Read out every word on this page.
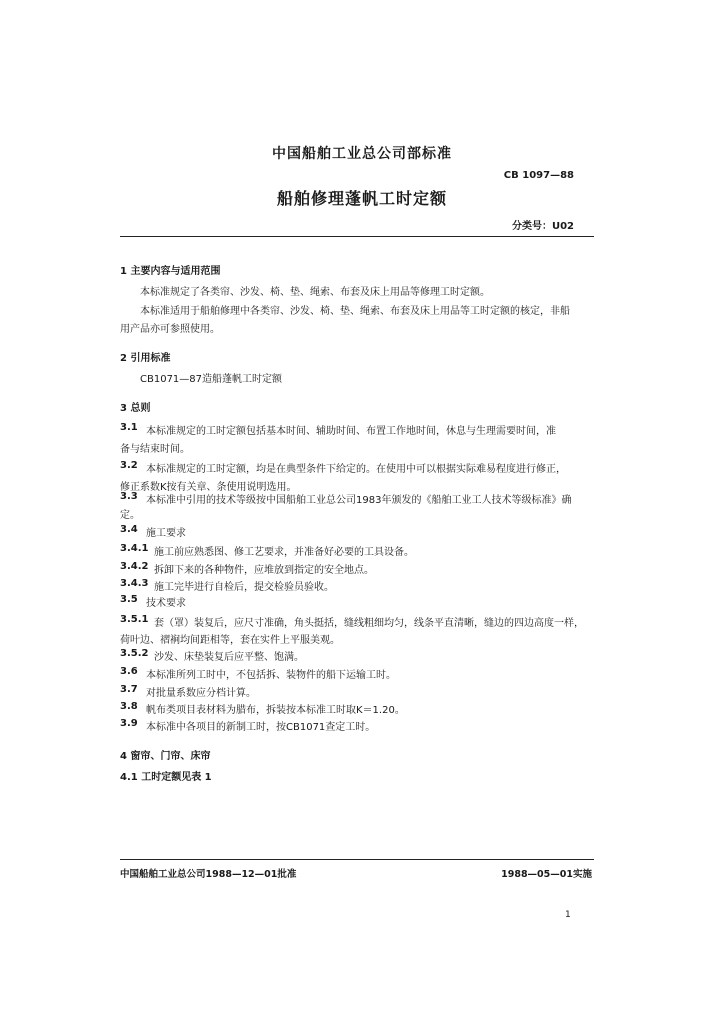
中国船舶工业总公司部标准
CB 1097—88
船舶修理蓬帆工时定额
分类号：U02
1 主要内容与适用范围
本标准规定了各类帘、沙发、椅、垫、绳索、布套及床上用品等修理工时定额。
本标准适用于船舶修理中各类帘、沙发、椅、垫、绳索、布套及床上用品等工时定额的核定，非船
用产品亦可参照使用。
2 引用标准
CB1071—87造船蓬帆工时定额
3 总则
3.1 本标准规定的工时定额包括基本时间、辅助时间、布置工作地时间，休息与生理需要时间，准
备与结束时间。
3.2 本标准规定的工时定额，均是在典型条件下给定的。在使用中可以根据实际难易程度进行修正，
修正系数K按有关章、条使用说明选用。
3.3 本标准中引用的技术等级按中国船舶工业总公司1983年颁发的《船舶工业工人技术等级标准》确
定。
3.4 施工要求
3.4.1 施工前应熟悉图、修工艺要求，并准备好必要的工具设备。
3.4.2 拆卸下来的各种物件，应堆放到指定的安全地点。
3.4.3 施工完毕进行自检后，提交检验员验收。
3.5 技术要求
3.5.1 套（罩）装复后，应尺寸准确，角头挺括，缝线粗细均匀，线条平直清晰，缝边的四边高度一样，
荷叶边、褶裥均间距相等，套在实件上平服美观。
3.5.2 沙发、床垫装复后应平整、饱满。
3.6 本标准所列工时中，不包括拆、装物件的船下运输工时。
3.7 对批量系数应分档计算。
3.8 帆布类项目表材料为腊布，拆装按本标准工时取K＝1.20。
3.9 本标准中各项目的新制工时，按CB1071查定工时。
4 窗帘、门帘、床帘
4.1 工时定额见表 1
中国船舶工业总公司1988—12—01批准	1988—05—01实施
1
